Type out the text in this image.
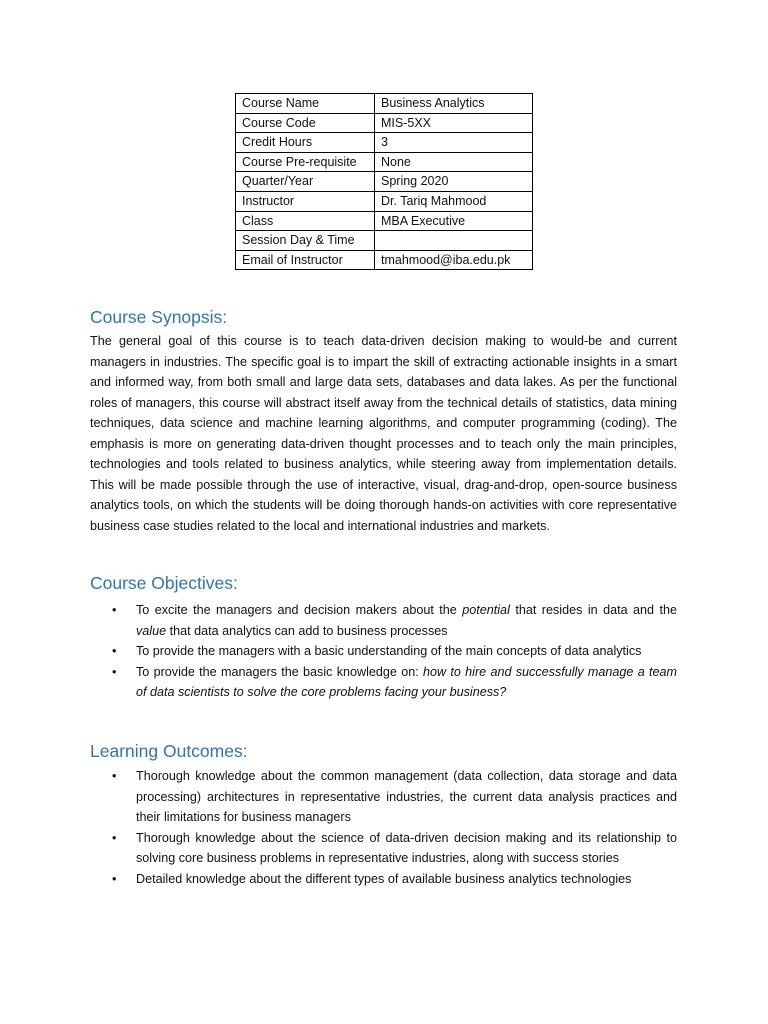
Course Name	Business Analytics
Course Code	MIS-5XX
Credit Hours	3
Course Pre-requisite	None
Quarter/Year	Spring 2020
Instructor	Dr. Tariq Mahmood
Class	MBA Executive
Session Day & Time	
Email of Instructor	tmahmood@iba.edu.pk
Course Synopsis:

The general goal of this course is to teach data-driven decision making to would-be and current managers in industries. The specific goal is to impart the skill of extracting actionable insights in a smart and informed way, from both small and large data sets, databases and data lakes. As per the functional roles of managers, this course will abstract itself away from the technical details of statistics, data mining techniques, data science and machine learning algorithms, and computer programming (coding). The emphasis is more on generating data-driven thought processes and to teach only the main principles, technologies and tools related to business analytics, while steering away from implementation details. This will be made possible through the use of interactive, visual, drag-and-drop, open-source business analytics tools, on which the students will be doing thorough hands-on activities with core representative business case studies related to the local and international industries and markets.

Course Objectives:
• To excite the managers and decision makers about the potential that resides in data and the value that data analytics can add to business processes
• To provide the managers with a basic understanding of the main concepts of data analytics
• To provide the managers the basic knowledge on: how to hire and successfully manage a team of data scientists to solve the core problems facing your business?
Learning Outcomes:
• Thorough knowledge about the common management (data collection, data storage and data processing) architectures in representative industries, the current data analysis practices and their limitations for business managers
• Thorough knowledge about the science of data-driven decision making and its relationship to solving core business problems in representative industries, along with success stories
• Detailed knowledge about the different types of available business analytics technologies
